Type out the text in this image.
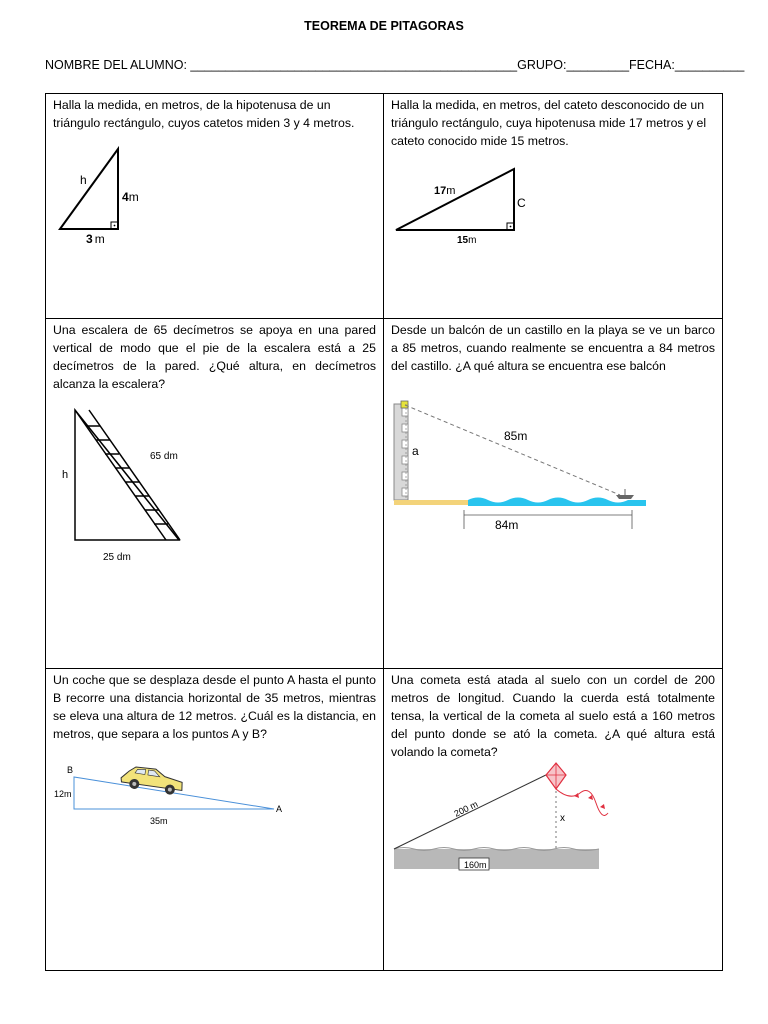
TEOREMA DE PITAGORAS
NOMBRE DEL ALUMNO: _______________________________________________GRUPO:_________FECHA:__________
Halla la medida, en metros, de la hipotenusa de un triángulo rectángulo, cuyos catetos miden 3 y 4 metros.
h
4m
3 m
Halla la medida, en metros, del cateto desconocido de un triángulo rectángulo, cuya hipotenusa mide 17 metros y el cateto conocido mide 15 metros.
17m
C
15m
Una escalera de 65 decímetros se apoya en una pared vertical de modo que el pie de la escalera está a 25 decímetros de la pared. ¿Qué altura, en decímetros alcanza la escalera?
65 dm
h
25 dm
Desde un balcón de un castillo en la playa se ve un barco a 85 metros, cuando realmente se encuentra a 84 metros del castillo. ¿A qué altura se encuentra ese balcón
85m
a
84m
Un coche que se desplaza desde el punto A hasta el punto B recorre una distancia horizontal de 35 metros, mientras se eleva una altura de 12 metros. ¿Cuál es la distancia, en metros, que separa a los puntos A y B?
B
A
12m
35m
Una cometa está atada al suelo con un cordel de 200 metros de longitud. Cuando la cuerda está totalmente tensa, la vertical de la cometa al suelo está a 160 metros del punto donde se ató la cometa. ¿A qué altura está volando la cometa?
200 m	x
160m
